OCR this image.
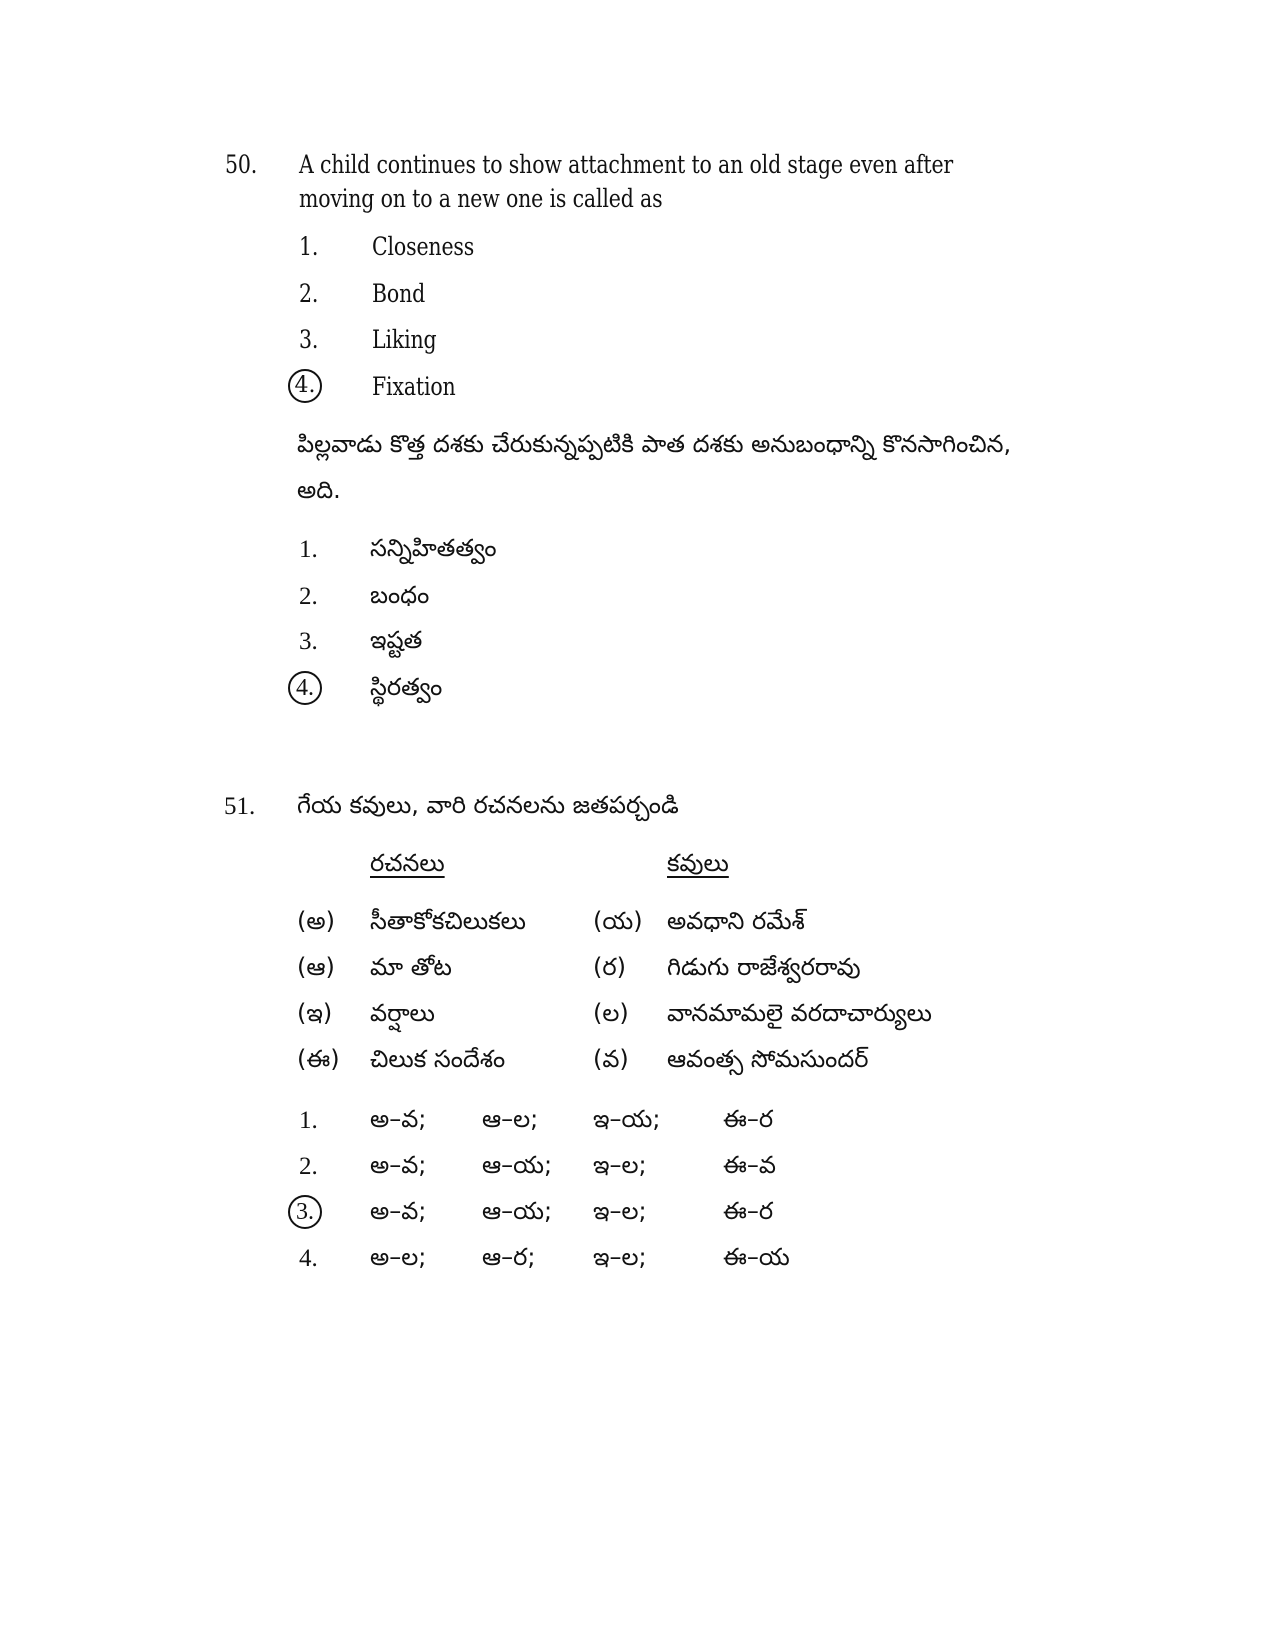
50. A child continues to show attachment to an old stage even after
moving on to a new one is called as
1. Closeness
2. Bond
3. Liking
4. Fixation
పిల్లవాడు కొత్త దశకు చేరుకున్నప్పటికి పాత దశకు అనుబంధాన్ని కొనసాగించిన,
అది.
1. సన్నిహితత్వం
2. బంధం
3. ఇష్టత
4.	స్థిరత్వం
51. గేయ కవులు, వారి రచనలను జతపర్చండి
రచనలు	కవులు
(అ) సీతాకోకచిలుకలు	(య) అవధాని రమేశ్
(ఆ) మా తోట	(ర) గిడుగు రాజేశ్వరరావు
(ఇ) వర్షాలు	(ల) వానమామలై వరదాచార్యులు
(ఈ) చిలుక సందేశం	(వ) ఆవంత్స సోమసుందర్
1. అ–వ; ఆ–ల; ఇ–య;	ఈ–ర
2. అ–వ; ఆ–య; ఇ–ల;	ఈ–వ
3.	అ–వ; ఆ–య; ఇ–ల;	ఈ–ర
4. అ–ల; ఆ–ర; ఇ–ల;	ఈ–య
